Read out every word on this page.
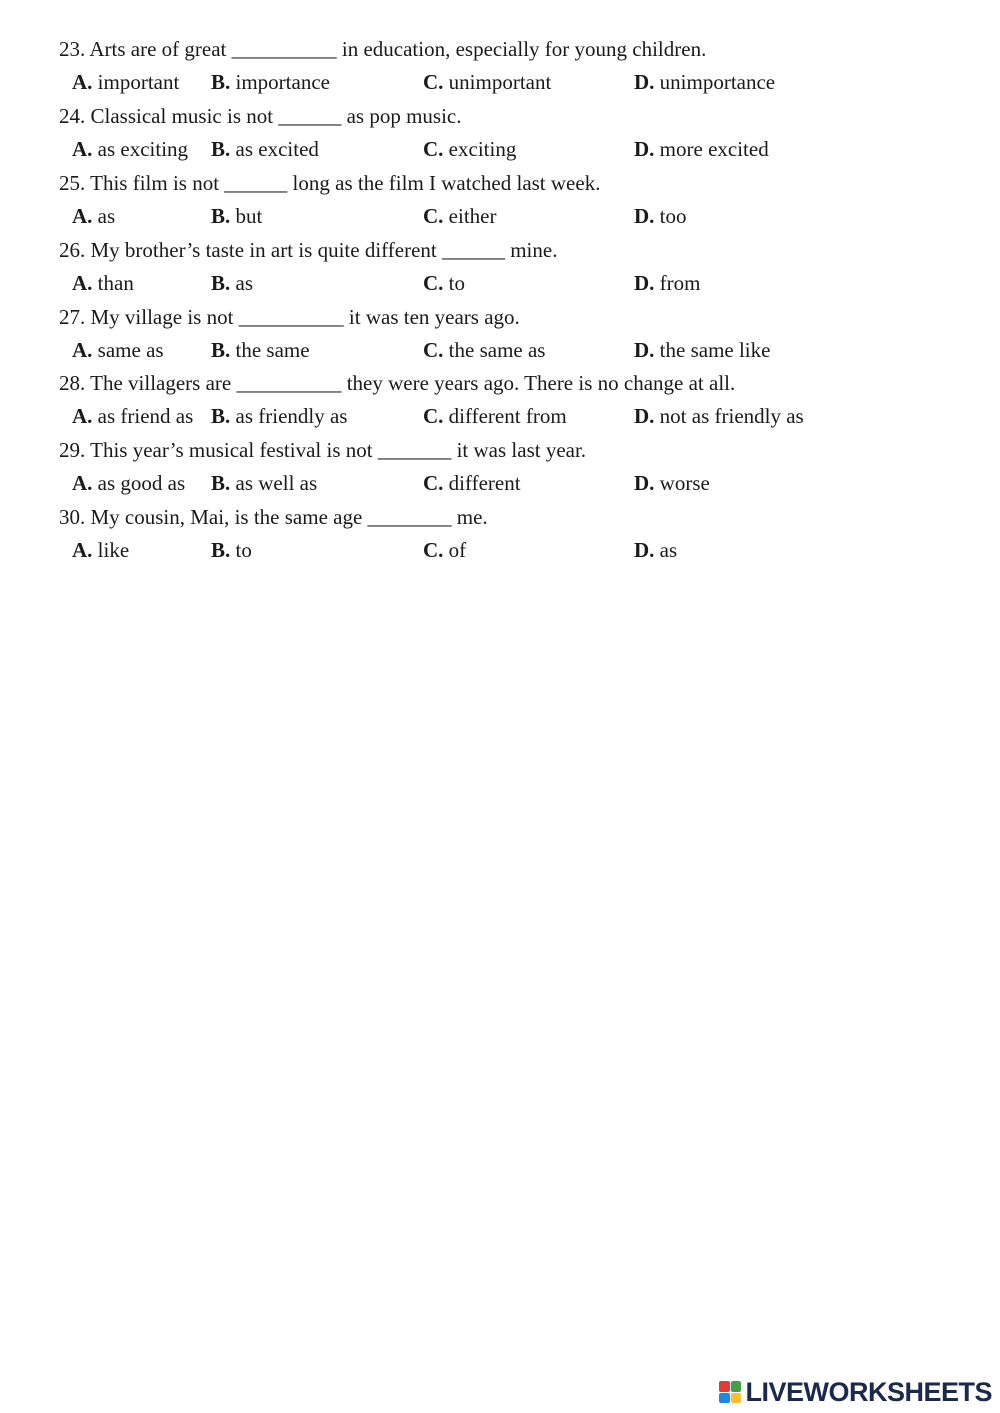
23. Arts are of great __________ in education, especially for young children.
A. important B. importance	C. unimportant	D. unimportance
24. Classical music is not ______ as pop music.
A. as exciting B. as excited	C. exciting	D. more excited
25. This film is not ______ long as the film I watched last week.
A. as	B. but	C. either	D. too
26. My brother’s taste in art is quite different ______ mine.
A. than	B. as	C. to	D. from
27. My village is not __________ it was ten years ago.
A. same as B. the same	C. the same as	D. the same like
28. The villagers are __________ they were years ago. There is no change at all.
A. as friend as B. as friendly as	C. different from	D. not as friendly as
29. This year’s musical festival is not _______ it was last year.
A. as good as B. as well as	C. different	D. worse
30. My cousin, Mai, is the same age ________ me.
A. like	B. to	C. of	D. as
LIVEWORKSHEETS
